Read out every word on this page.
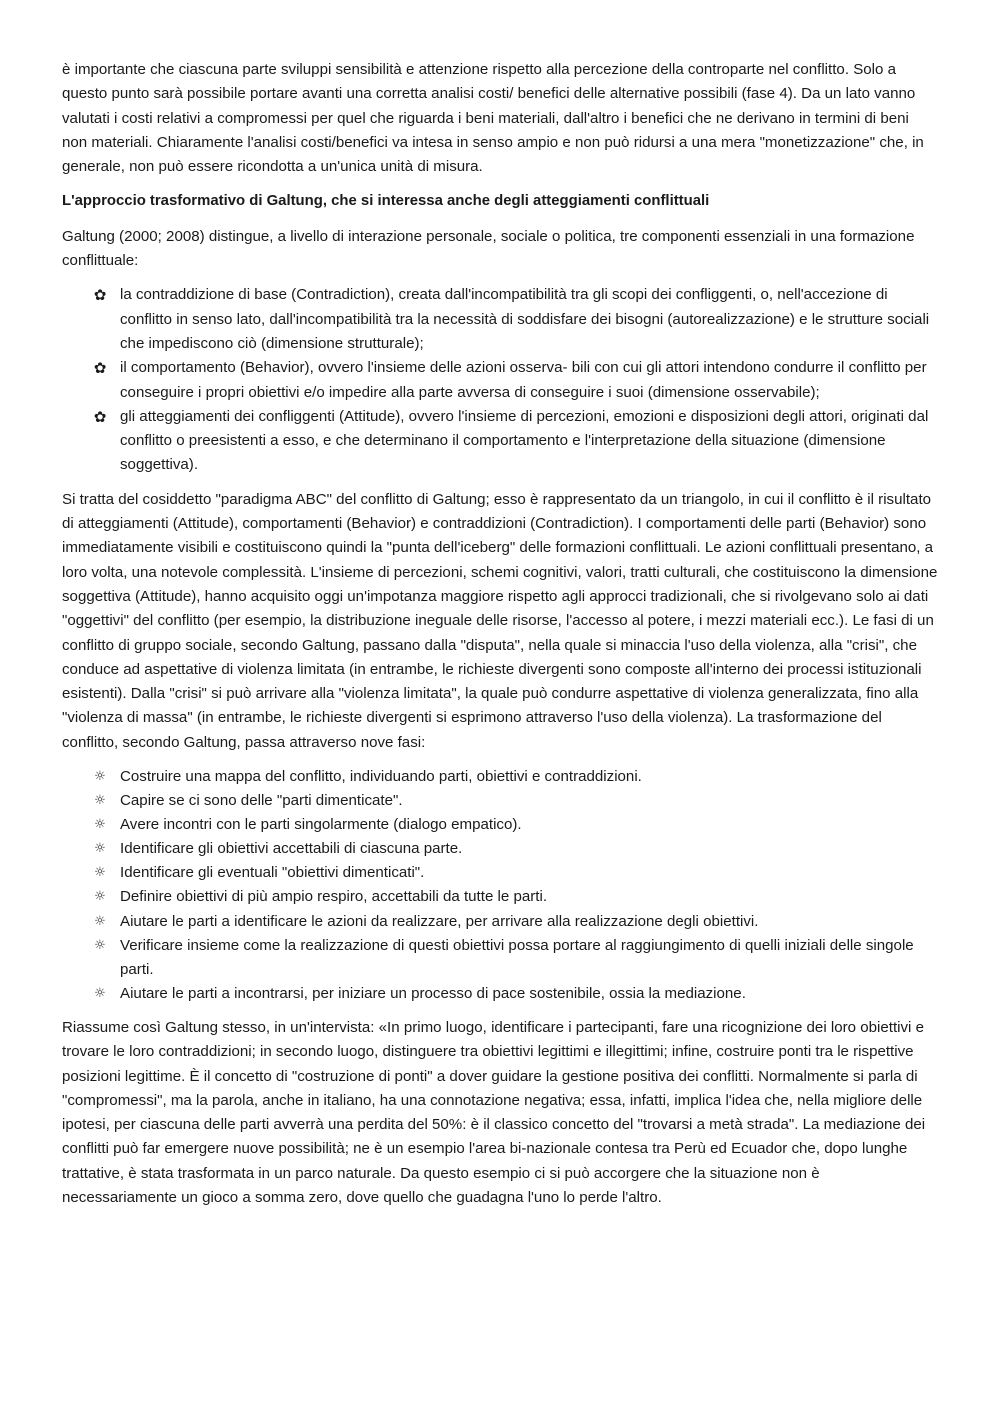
è importante che ciascuna parte sviluppi sensibilità e attenzione rispetto alla percezione della controparte nel conflitto. Solo a questo punto sarà possibile portare avanti una corretta analisi costi/ benefici delle alternative possibili (fase 4). Da un lato vanno valutati i costi relativi a compromessi per quel che riguarda i beni materiali, dall'altro i benefici che ne derivano in termini di beni non materiali. Chiaramente l'analisi costi/benefici va intesa in senso ampio e non può ridursi a una mera "monetizzazione" che, in generale, non può essere ricondotta a un'unica unità di misura.

L'approccio trasformativo di Galtung, che si interessa anche degli atteggiamenti conflittuali

Galtung (2000; 2008) distingue, a livello di interazione personale, sociale o politica, tre componenti essenziali in una formazione conflittuale:

✿ la contraddizione di base (Contradiction), creata dall'incompatibilità tra gli scopi dei confliggenti, o, nell'accezione di conflitto in senso lato, dall'incompatibilità tra la necessità di soddisfare dei bisogni (autorealizzazione) e le strutture sociali che impediscono ciò (dimensione strutturale);
✿ il comportamento (Behavior), ovvero l'insieme delle azioni osserva- bili con cui gli attori intendono condurre il conflitto per conseguire i propri obiettivi e/o impedire alla parte avversa di conseguire i suoi (dimensione osservabile);
✿ gli atteggiamenti dei confliggenti (Attitude), ovvero l'insieme di percezioni, emozioni e disposizioni degli attori, originati dal conflitto o preesistenti a esso, e che determinano il comportamento e l'interpretazione della situazione (dimensione soggettiva).

Si tratta del cosiddetto "paradigma ABC" del conflitto di Galtung; esso è rappresentato da un triangolo, in cui il conflitto è il risultato di atteggiamenti (Attitude), comportamenti (Behavior) e contraddizioni (Contradiction). I comportamenti delle parti (Behavior) sono immediatamente visibili e costituiscono quindi la "punta dell'iceberg" delle formazioni conflittuali. Le azioni conflittuali presentano, a loro volta, una notevole complessità. L'insieme di percezioni, schemi cognitivi, valori, tratti culturali, che costituiscono la dimensione soggettiva (Attitude), hanno acquisito oggi un'impotanza maggiore rispetto agli approcci tradizionali, che si rivolgevano solo ai dati "oggettivi" del conflitto (per esempio, la distribuzione ineguale delle risorse, l'accesso al potere, i mezzi materiali ecc.). Le fasi di un conflitto di gruppo sociale, secondo Galtung, passano dalla "disputa", nella quale si minaccia l'uso della violenza, alla "crisi", che conduce ad aspettative di violenza limitata (in entrambe, le richieste divergenti sono composte all'interno dei processi istituzionali esistenti). Dalla "crisi" si può arrivare alla "violenza limitata", la quale può condurre aspettative di violenza generalizzata, fino alla "violenza di massa" (in entrambe, le richieste divergenti si esprimono attraverso l'uso della violenza). La trasformazione del conflitto, secondo Galtung, passa attraverso nove fasi:

☼ Costruire una mappa del conflitto, individuando parti, obiettivi e contraddizioni.
☼ Capire se ci sono delle "parti dimenticate".
☼ Avere incontri con le parti singolarmente (dialogo empatico).
☼ Identificare gli obiettivi accettabili di ciascuna parte.
☼ Identificare gli eventuali "obiettivi dimenticati".
☼ Definire obiettivi di più ampio respiro, accettabili da tutte le parti.
☼ Aiutare le parti a identificare le azioni da realizzare, per arrivare alla realizzazione degli obiettivi.
☼ Verificare insieme come la realizzazione di questi obiettivi possa portare al raggiungimento di quelli iniziali delle singole parti.
☼ Aiutare le parti a incontrarsi, per iniziare un processo di pace sostenibile, ossia la mediazione.

Riassume così Galtung stesso, in un'intervista: «In primo luogo, identificare i partecipanti, fare una ricognizione dei loro obiettivi e trovare le loro contraddizioni; in secondo luogo, distinguere tra obiettivi legittimi e illegittimi; infine, costruire ponti tra le rispettive posizioni legittime. È il concetto di "costruzione di ponti" a dover guidare la gestione positiva dei conflitti. Normalmente si parla di "compromessi", ma la parola, anche in italiano, ha una connotazione negativa; essa, infatti, implica l'idea che, nella migliore delle ipotesi, per ciascuna delle parti avverrà una perdita del 50%: è il classico concetto del "trovarsi a metà strada". La mediazione dei conflitti può far emergere nuove possibilità; ne è un esempio l'area bi-nazionale contesa tra Perù ed Ecuador che, dopo lunghe trattative, è stata trasformata in un parco naturale. Da questo esempio ci si può accorgere che la situazione non è necessariamente un gioco a somma zero, dove quello che guadagna l'uno lo perde l'altro.
